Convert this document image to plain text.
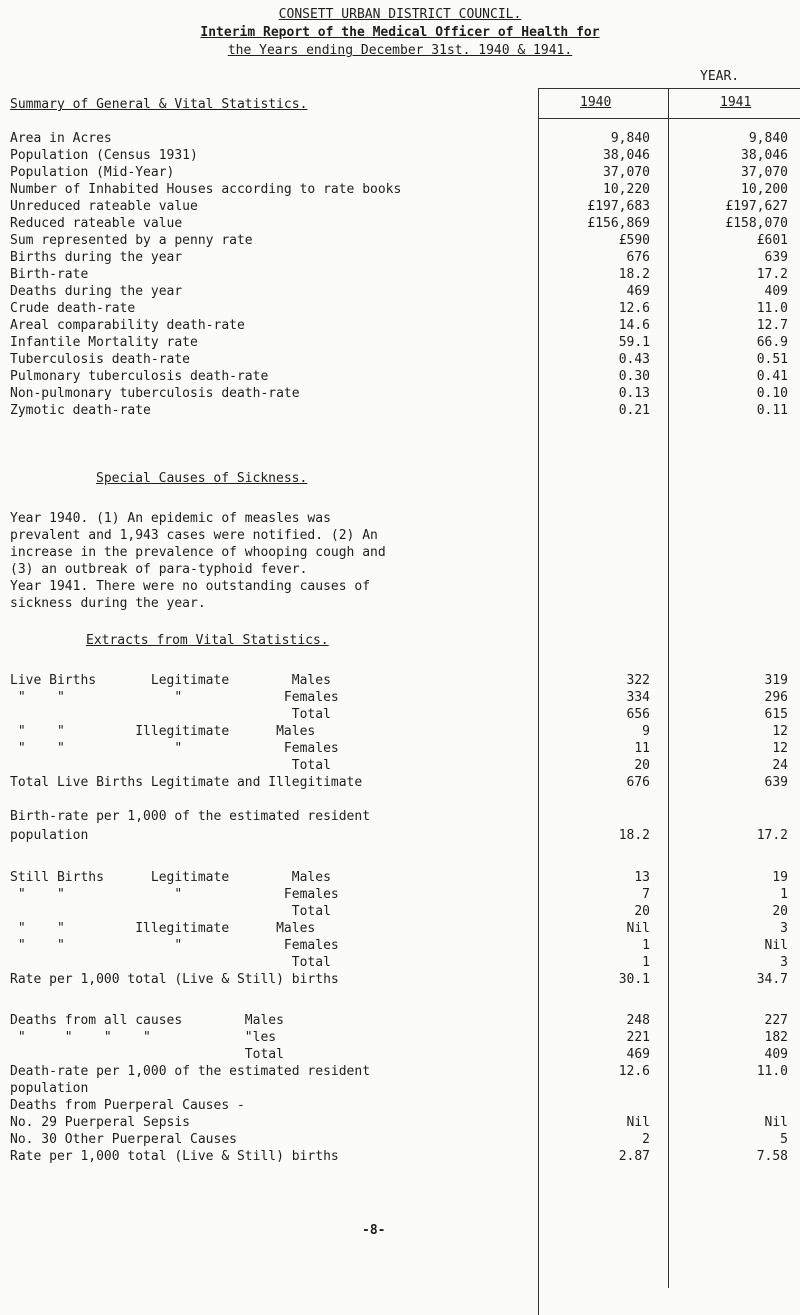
CONSETT URBAN DISTRICT COUNCIL.
Interim Report of the Medical Officer of Health for
the Years ending December 31st. 1940 & 1941.
YEAR.
Summary of General & Vital Statistics.	1940	1941
Area in Acres	9,840	9,840
Population (Census 1931)	38,046	38,046
Population (Mid-Year)	37,070	37,070
Number of Inhabited Houses according to rate books	10,220	10,200
Unreduced rateable value	£197,683	£197,627
Reduced rateable value	£156,869	£158,070
Sum represented by a penny rate	£590	£601
Births during the year	676	639
Birth-rate	18.2	17.2
Deaths during the year	469	409
Crude death-rate	12.6	11.0
Areal comparability death-rate	14.6	12.7
Infantile Mortality rate	59.1	66.9
Tuberculosis death-rate	0.43	0.51
Pulmonary tuberculosis death-rate	0.30	0.41
Non-pulmonary tuberculosis death-rate	0.13	0.10
Zymotic death-rate	0.21	0.11
Special Causes of Sickness.
Year 1940. (1) An epidemic of measles was
prevalent and 1,943 cases were notified. (2) An
increase in the prevalence of whooping cough and
(3) an outbreak of para-typhoid fever.
Year 1941. There were no outstanding causes of
sickness during the year.
Extracts from Vital Statistics.
Live Births       Legitimate        Males	322	319
"    "              "             Females	334	296
Total	656	615
"    "         Illegitimate      Males	9	12
"    "              "             Females	11	12
Total	20	24
Total Live Births Legitimate and Illegitimate	676	639
Birth-rate per 1,000 of the estimated resident
population	18.2	17.2
Still Births      Legitimate        Males	13	19
"    "              "             Females	7	1
Total	20	20
"    "         Illegitimate      Males	Nil	3
"    "              "             Females	1	Nil
Total	1	3
Rate per 1,000 total (Live & Still) births	30.1	34.7
Deaths from all causes        Males	248	227
"     "    "    "            "les	221	182
Total	469	409
Death-rate per 1,000 of the estimated resident	12.6	11.0
population
Deaths from Puerperal Causes -
No. 29 Puerperal Sepsis	Nil	Nil
No. 30 Other Puerperal Causes	2	5
Rate per 1,000 total (Live & Still) births	2.87	7.58
-8-
